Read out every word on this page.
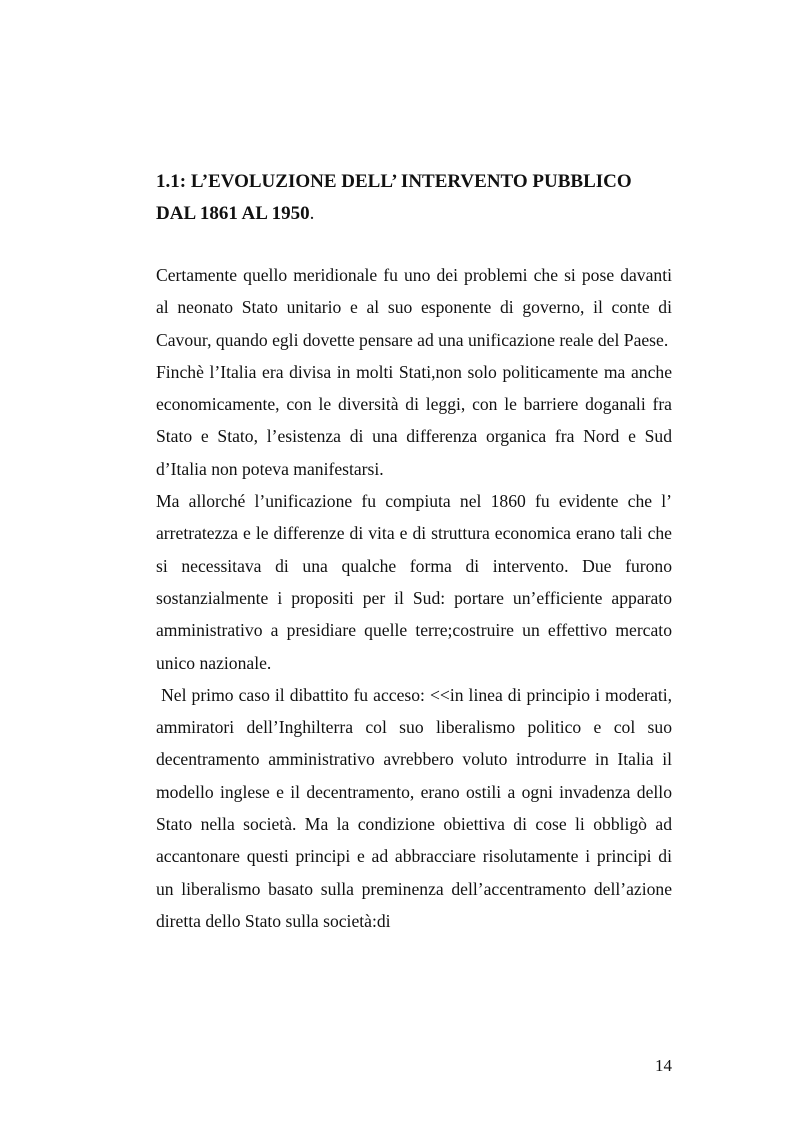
1.1: L’EVOLUZIONE DELL’ INTERVENTO PUBBLICO
DAL 1861 AL 1950.

Certamente quello meridionale fu uno dei problemi che si pose davanti al neonato Stato unitario e al suo esponente di governo, il conte di Cavour, quando egli dovette pensare ad una unificazione reale del Paese.

Finchè l’Italia era divisa in molti Stati,non solo politicamente ma anche economicamente, con le diversità di leggi, con le barriere doganali fra Stato e Stato, l’esistenza di una differenza organica fra Nord e Sud d’Italia non poteva manifestarsi.

Ma allorché l’unificazione fu compiuta nel 1860 fu evidente che l’ arretratezza e le differenze di vita e di struttura economica erano tali che si necessitava di una qualche forma di intervento. Due furono sostanzialmente i propositi per il Sud: portare un’efficiente apparato amministrativo a presidiare quelle terre;costruire un effettivo mercato unico nazionale.

Nel primo caso il dibattito fu acceso: <<in linea di principio i moderati, ammiratori dell’Inghilterra col suo liberalismo politico e col suo decentramento amministrativo avrebbero voluto introdurre in Italia il modello inglese e il decentramento, erano ostili a ogni invadenza dello Stato nella società. Ma la condizione obiettiva di cose li obbligò ad accantonare questi principi e ad abbracciare risolutamente i principi di un liberalismo basato sulla preminenza dell’accentramento dell’azione diretta dello Stato sulla società:di

14
